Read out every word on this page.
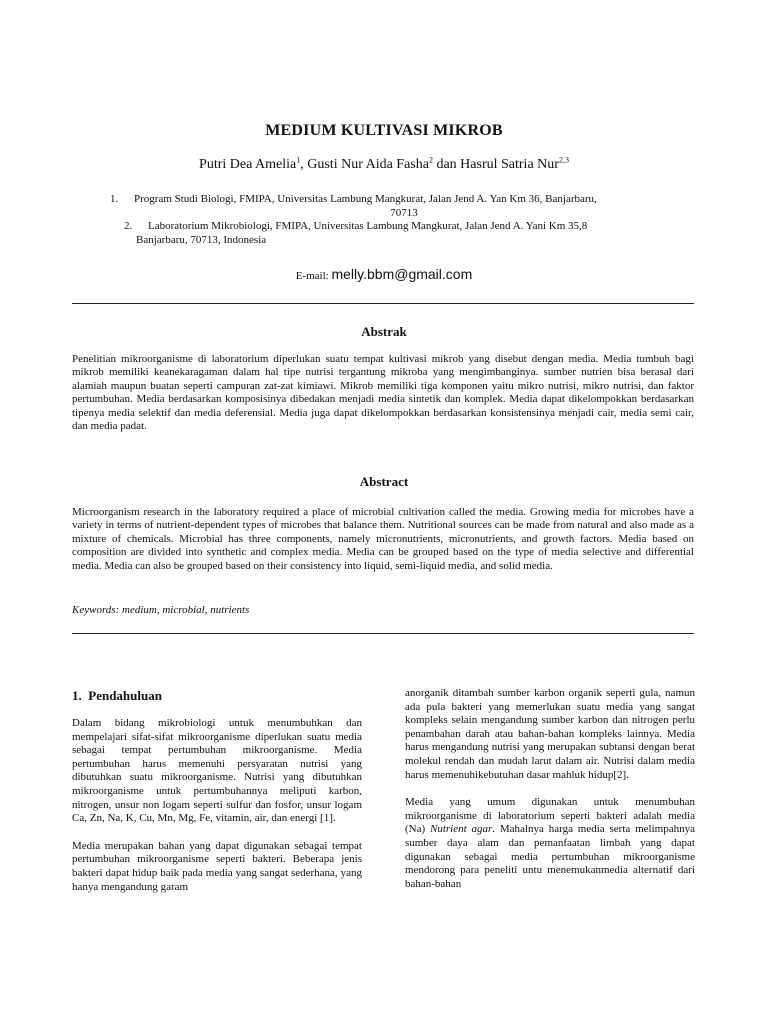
MEDIUM KULTIVASI MIKROB
Putri Dea Amelia$^1$, Gusti Nur Aida Fasha$^2$ dan Hasrul Satria Nur$^{2,3}$
1. Program Studi Biologi, FMIPA, Universitas Lambung Mangkurat, Jalan Jend A. Yan Km 36, Banjarbaru,
70713
2. Laboratorium Mikrobiologi, FMIPA, Universitas Lambung Mangkurat, Jalan Jend A. Yani Km 35,8
Banjarbaru, 70713, Indonesia
E-mail: melly.bbm@gmail.com
Abstrak
Penelitian mikroorganisme di laboratorium diperlukan suatu tempat kultivasi mikrob yang disebut dengan media. Media tumbuh bagi mikrob memiliki keanekaragaman dalam hal tipe nutrisi tergantung mikroba yang mengimbanginya. sumber nutrien bisa berasal dari alamiah maupun buatan seperti campuran zat-zat kimiawi. Mikrob memiliki tiga komponen yaitu mikro nutrisi, mikro nutrisi, dan faktor pertumbuhan. Media berdasarkan komposisinya dibedakan menjadi media sintetik dan komplek. Media dapat dikelompokkan berdasarkan tipenya media selektif dan media deferensial. Media juga dapat dikelompokkan berdasarkan konsistensinya menjadi cair, media semi cair, dan media padat.
Abstract
Microorganism research in the laboratory required a place of microbial cultivation called the media. Growing media for microbes have a variety in terms of nutrient-dependent types of microbes that balance them. Nutritional sources can be made from natural and also made as a mixture of chemicals. Microbial has three components, namely micronutrients, micronutrients, and growth factors. Media based on composition are divided into synthetic and complex media. Media can be grouped based on the type of media selective and differential media. Media can also be grouped based on their consistency into liquid, semi-liquid media, and solid media.
Keywords: medium, microbial, nutrients
1. Pendahuluan

Dalam bidang mikrobiologi untuk menumbuhkan dan mempelajari sifat-sifat mikroorganisme diperlukan suatu media sebagai tempat pertumbuhan mikroorganisme. Media pertumbuhan harus memenuhi persyaratan nutrisi yang dibutuhkan suatu mikroorganisme. Nutrisi yang dibutuhkan mikroorganisme untuk pertumbuhannya meliputi karbon, nitrogen, unsur non logam seperti sulfur dan fosfor, unsur logam Ca, Zn, Na, K, Cu, Mn, Mg, Fe, vitamin, air, dan energi [1].

Media merupakan bahan yang dapat digunakan sebagai tempat pertumbuhan mikroorganisme seperti bakteri. Beberapa jenis bakteri dapat hidup baik pada media yang sangat sederhana, yang hanya mengandung garam

anorganik ditambah sumber karbon organik seperti gula, namun ada pula bakteri yang memerlukan suatu media yang sangat kompleks selain mengandung sumber karbon dan nitrogen perlu penambahan darah atau bahan-bahan kompleks lainnya. Media harus mengandung nutrisi yang merupakan subtansi dengan berat molekul rendah dan mudah larut dalam air. Nutrisi dalam media harus memenuhikebutuhan dasar mahluk hidup[2].

Media yang umum digunakan untuk menumbuhan mikroorganisme di laboratorium seperti bakteri adalah media (Na) Nutrient agar. Mahalnya harga media serta melimpahnya sumber daya alam dan pemanfaatan limbah yang dapat digunakan sebagai media pertumbuhan mikroorganisme mendorong para peneliti untu menemukanmedia alternatif dari bahan-bahan
